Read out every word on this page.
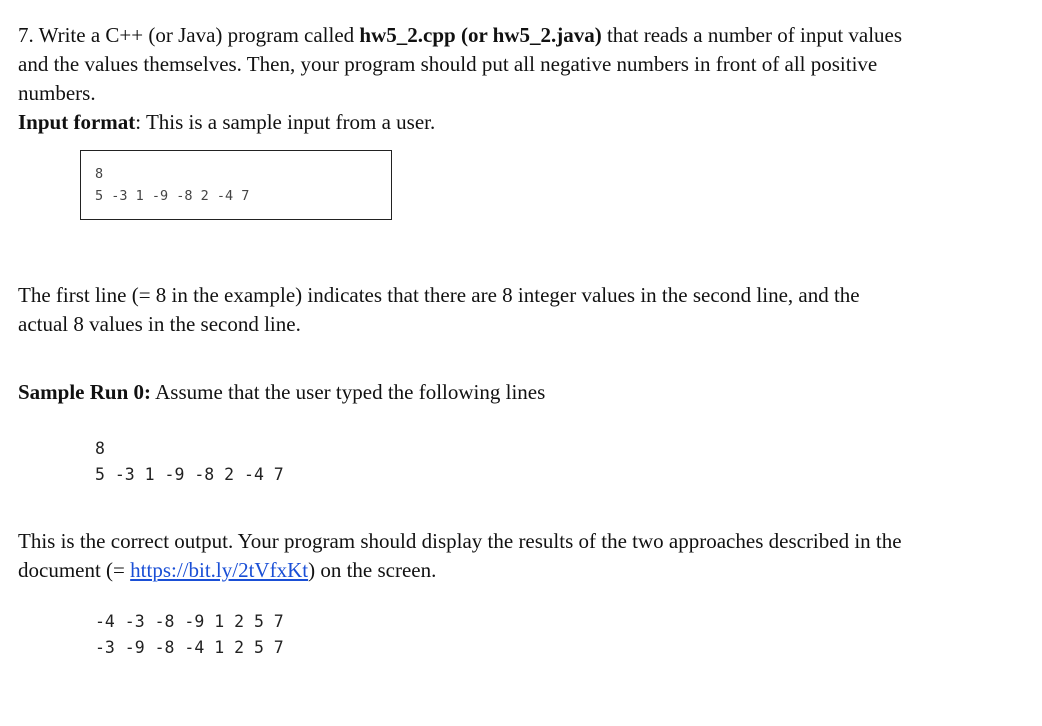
7. Write a C++ (or Java) program called hw5_2.cpp (or hw5_2.java) that reads a number of input values

and the values themselves. Then, your program should put all negative numbers in front of all positive

numbers.

Input format: This is a sample input from a user.

8
5 -3 1 -9 -8 2 -4 7

The first line (= 8 in the example) indicates that there are 8 integer values in the second line, and the

actual 8 values in the second line.

Sample Run 0: Assume that the user typed the following lines

8
5 -3 1 -9 -8 2 -4 7

This is the correct output. Your program should display the results of the two approaches described in the

document (= https://bit.ly/2tVfxKt) on the screen.

-4 -3 -8 -9 1 2 5 7
-3 -9 -8 -4 1 2 5 7
